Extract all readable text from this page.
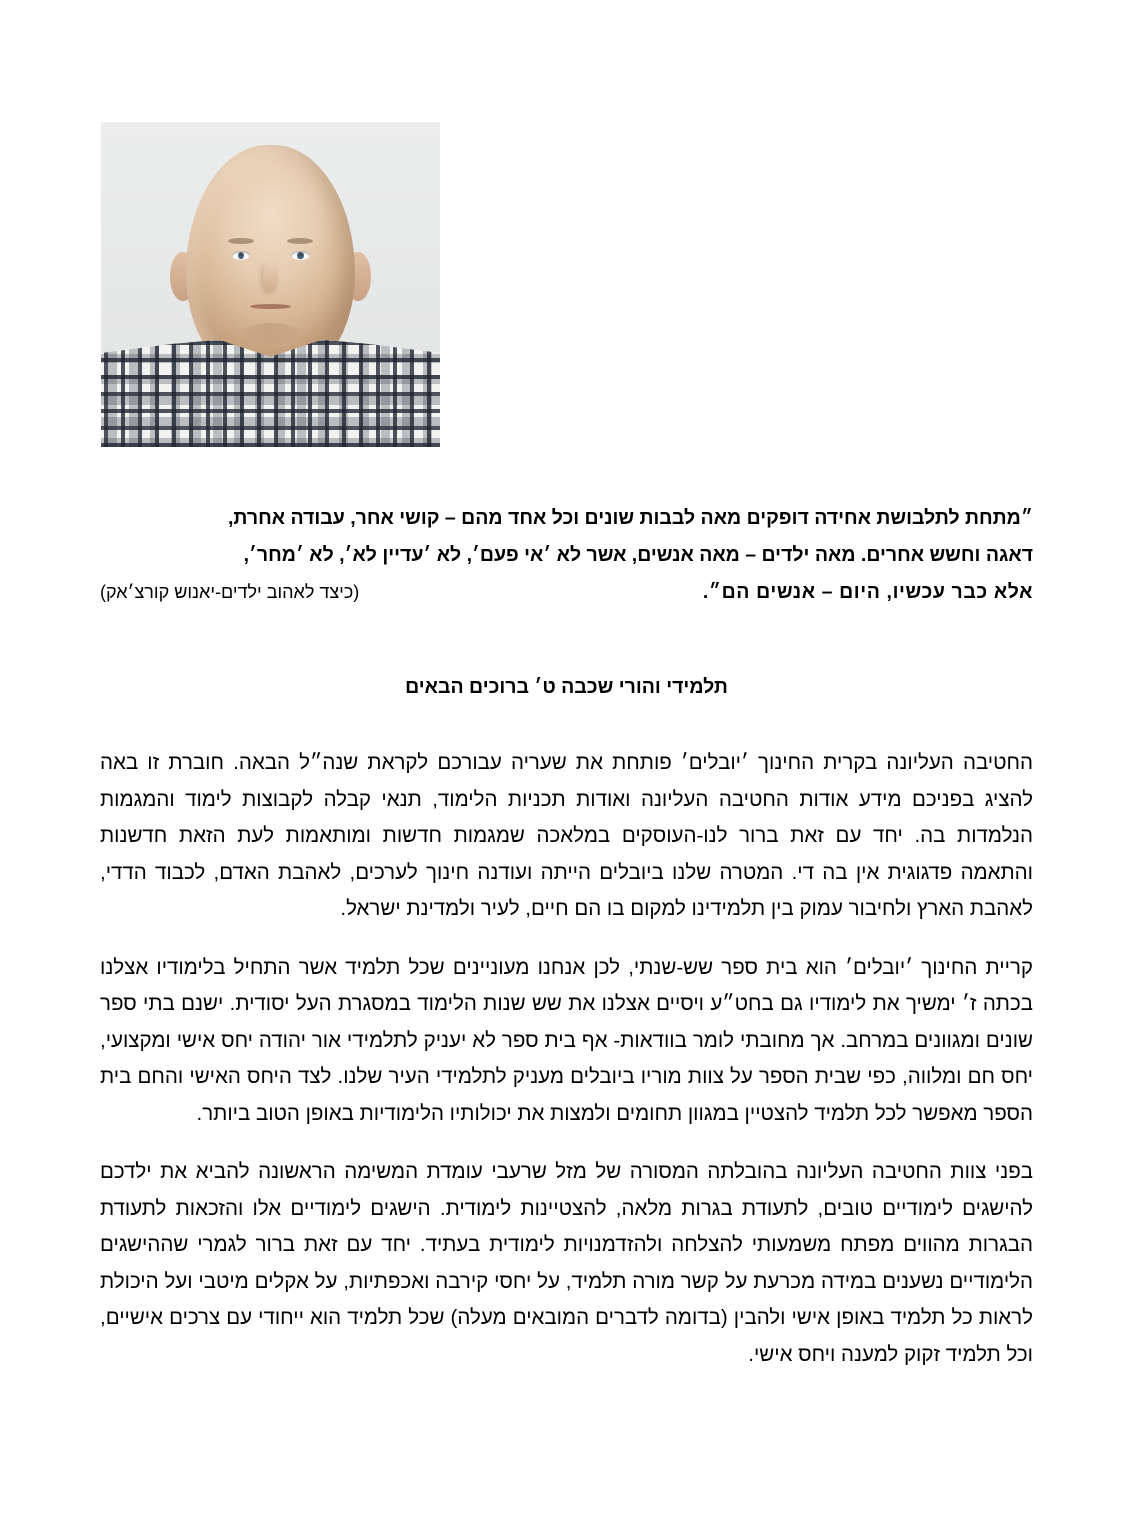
״מתחת לתלבושת אחידה דופקים מאה לבבות שונים וכל אחד מהם – קושי אחר, עבודה אחרת,
דאגה וחשש אחרים. מאה ילדים – מאה אנשים, אשר לא ׳אי פעם׳, לא ׳עדיין לא׳, לא ׳מחר׳,
אלא כבר עכשיו, היום – אנשים הם״.
(כיצד לאהוב ילדים-יאנוש קורצ׳אק)
תלמידי והורי שכבה ט׳ ברוכים הבאים

החטיבה העליונה בקרית החינוך ׳יובלים׳ פותחת את שעריה עבורכם לקראת שנה״ל הבאה. חוברת זו באה להציג בפניכם מידע אודות החטיבה העליונה ואודות תכניות הלימוד, תנאי קבלה לקבוצות לימוד והמגמות הנלמדות בה. יחד עם זאת ברור לנו-העוסקים במלאכה שמגמות חדשות ומותאמות לעת הזאת חדשנות והתאמה פדגוגית אין בה די. המטרה שלנו ביובלים הייתה ועודנה חינוך לערכים, לאהבת האדם, לכבוד הדדי, לאהבת הארץ ולחיבור עמוק בין תלמידינו למקום בו הם חיים, לעיר ולמדינת ישראל.

קריית החינוך ׳יובלים׳ הוא בית ספר שש-שנתי, לכן אנחנו מעוניינים שכל תלמיד אשר התחיל בלימודיו אצלנו בכתה ז׳ ימשיך את לימודיו גם בחט״ע ויסיים אצלנו את שש שנות הלימוד במסגרת העל יסודית. ישנם בתי ספר שונים ומגוונים במרחב. אך מחובתי לומר בוודאות- אף בית ספר לא יעניק לתלמידי אור יהודה יחס אישי ומקצועי, יחס חם ומלווה, כפי שבית הספר על צוות מוריו ביובלים מעניק לתלמידי העיר שלנו. לצד היחס האישי והחם בית הספר מאפשר לכל תלמיד להצטיין במגוון תחומים ולמצות את יכולותיו הלימודיות באופן הטוב ביותר.

בפני צוות החטיבה העליונה בהובלתה המסורה של מזל שרעבי עומדת המשימה הראשונה להביא את ילדכם להישגים לימודיים טובים, לתעודת בגרות מלאה, להצטיינות לימודית. הישגים לימודיים אלו והזכאות לתעודת הבגרות מהווים מפתח משמעותי להצלחה ולהזדמנויות לימודית בעתיד. יחד עם זאת ברור לגמרי שההישגים הלימודיים נשענים במידה מכרעת על קשר מורה תלמיד, על יחסי קירבה ואכפתיות, על אקלים מיטבי ועל היכולת לראות כל תלמיד באופן אישי ולהבין (בדומה לדברים המובאים מעלה) שכל תלמיד הוא ייחודי עם צרכים אישיים, וכל תלמיד זקוק למענה ויחס אישי.
